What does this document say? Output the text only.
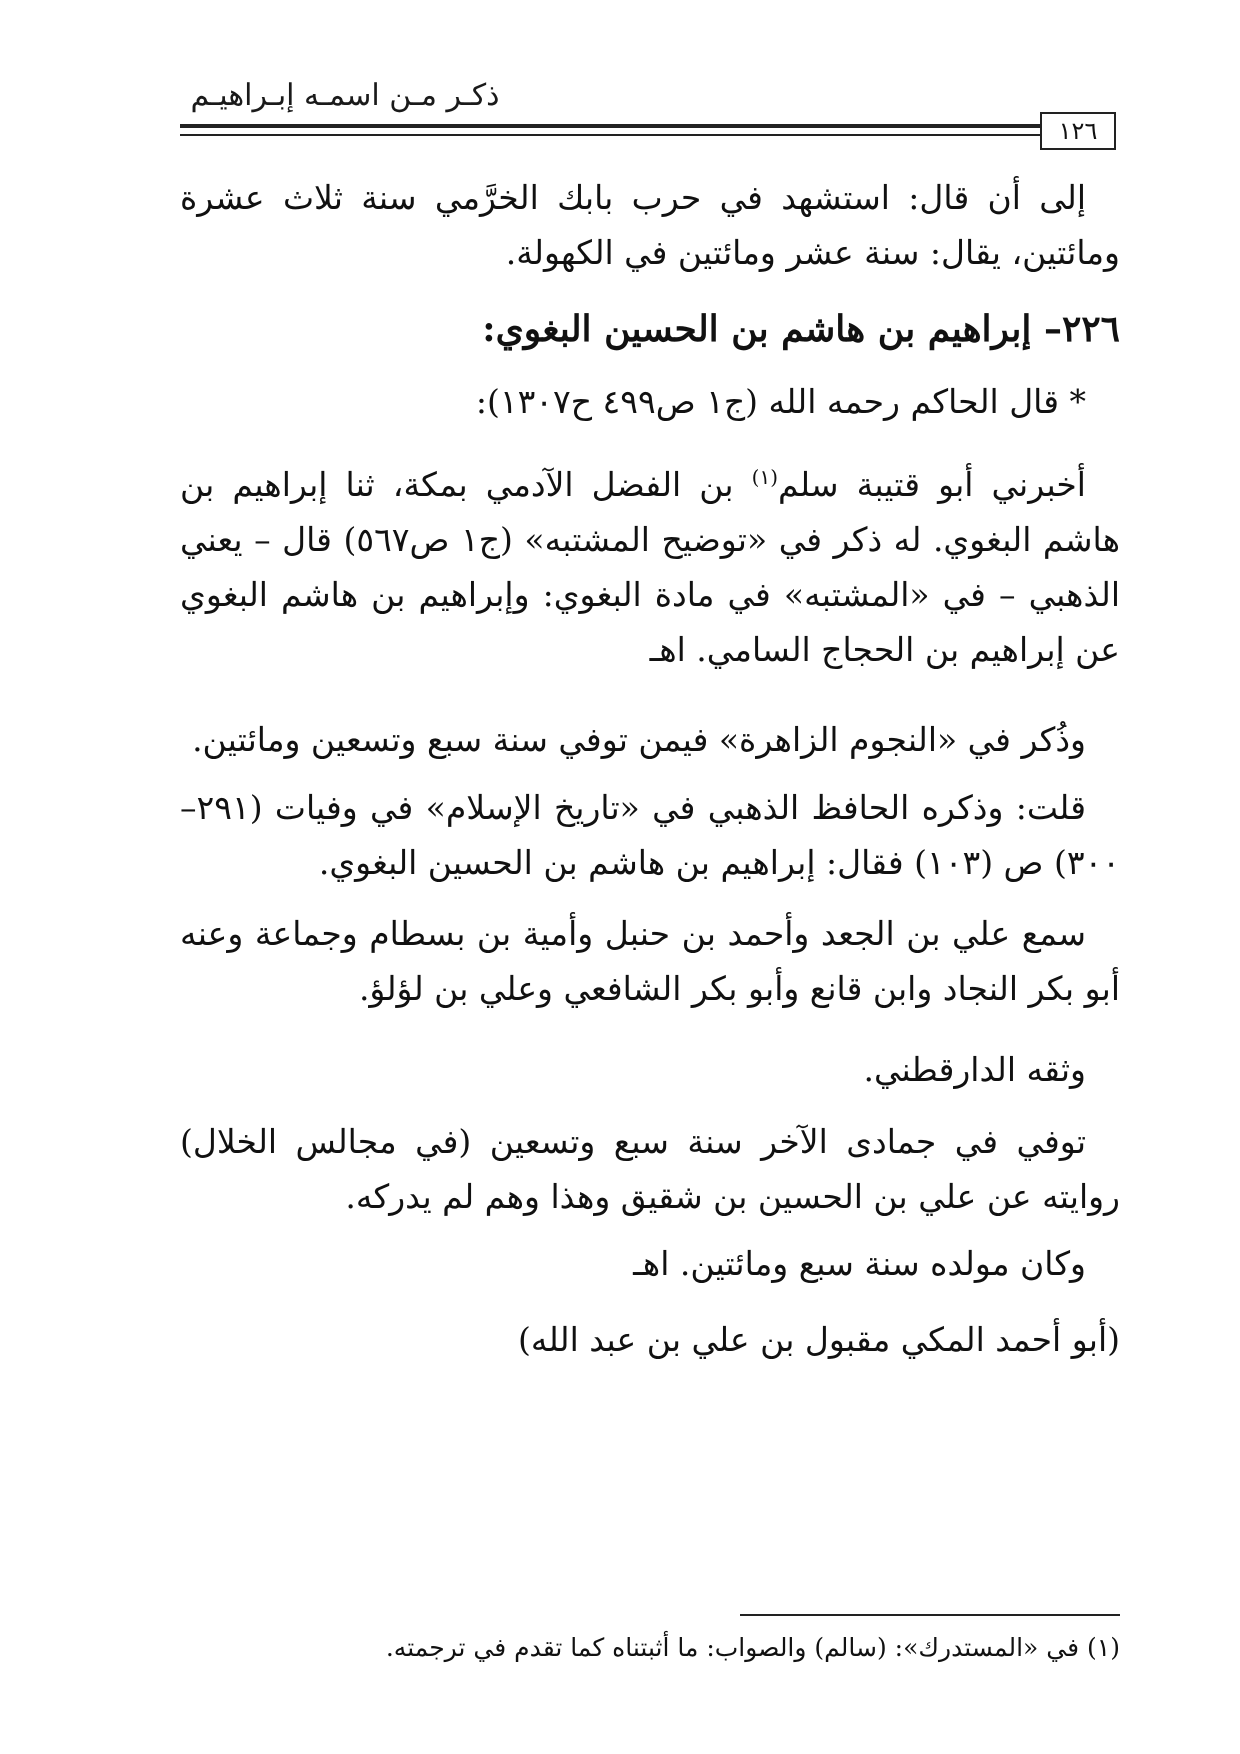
ذكـر مـن اسمـه إبـراهيـم
١٢٦
إلى أن قال: استشهد في حرب بابك الخرَّمي سنة ثلاث عشرة ومائتين، يقال: سنة عشر ومائتين في الكهولة.
٢٢٦– إبراهيم بن هاشم بن الحسين البغوي:
* قال الحاكم رحمه الله (ج١ ص٤٩٩ ح١٣٠٧):
أخبرني أبو قتيبة سلم$^{(١)}$ بن الفضل الآدمي بمكة، ثنا إبراهيم بن هاشم البغوي. له ذكر في «توضيح المشتبه» (ج١ ص٥٦٧) قال – يعني الذهبي – في «المشتبه» في مادة البغوي: وإبراهيم بن هاشم البغوي عن إبراهيم بن الحجاج السامي. اهـ
وذُكر في «النجوم الزاهرة» فيمن توفي سنة سبع وتسعين ومائتين.
قلت: وذكره الحافظ الذهبي في «تاريخ الإسلام» في وفيات (٢٩١–٣٠٠) ص (١٠٣) فقال: إبراهيم بن هاشم بن الحسين البغوي.
سمع علي بن الجعد وأحمد بن حنبل وأمية بن بسطام وجماعة وعنه أبو بكر النجاد وابن قانع وأبو بكر الشافعي وعلي بن لؤلؤ.
وثقه الدارقطني.
توفي في جمادى الآخر سنة سبع وتسعين (في مجالس الخلال) روايته عن علي بن الحسين بن شقيق وهذا وهم لم يدركه.
وكان مولده سنة سبع ومائتين. اهـ
(أبو أحمد المكي مقبول بن علي بن عبد الله)
(١) في «المستدرك»: (سالم) والصواب: ما أثبتناه كما تقدم في ترجمته.
